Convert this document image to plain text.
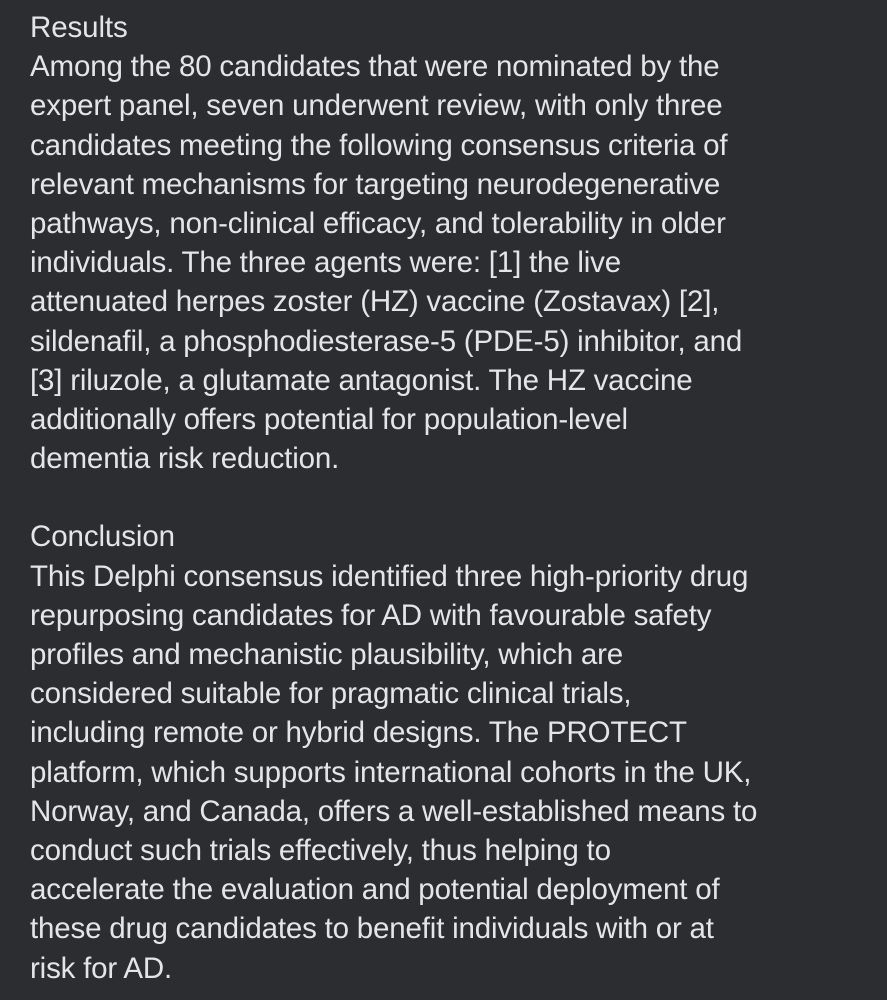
Results
Among the 80 candidates that were nominated by the
expert panel, seven underwent review, with only three
candidates meeting the following consensus criteria of
relevant mechanisms for targeting neurodegenerative
pathways, non-clinical efficacy, and tolerability in older
individuals. The three agents were: [1] the live
attenuated herpes zoster (HZ) vaccine (Zostavax) [2],
sildenafil, a phosphodiesterase-5 (PDE-5) inhibitor, and
[3] riluzole, a glutamate antagonist. The HZ vaccine
additionally offers potential for population-level
dementia risk reduction.
Conclusion
This Delphi consensus identified three high-priority drug
repurposing candidates for AD with favourable safety
profiles and mechanistic plausibility, which are
considered suitable for pragmatic clinical trials,
including remote or hybrid designs. The PROTECT
platform, which supports international cohorts in the UK,
Norway, and Canada, offers a well-established means to
conduct such trials effectively, thus helping to
accelerate the evaluation and potential deployment of
these drug candidates to benefit individuals with or at
risk for AD.
